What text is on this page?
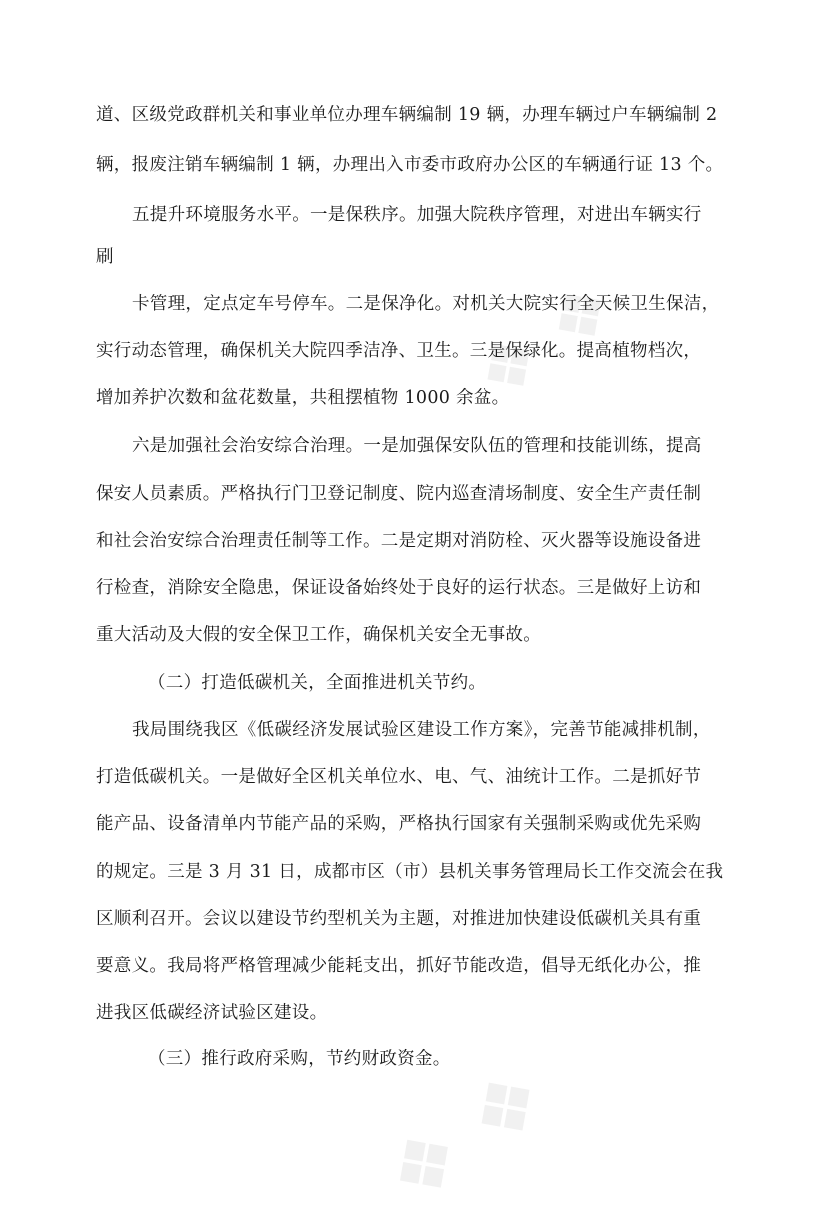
❖ ❖
❖ ❖

道、区级党政群机关和事业单位办理车辆编制 19 辆，办理车辆过户车辆编制 2

辆，报废注销车辆编制 1 辆，办理出入市委市政府办公区的车辆通行证 13 个。

五提升环境服务水平。一是保秩序。加强大院秩序管理，对进出车辆实行

刷

卡管理，定点定车号停车。二是保净化。对机关大院实行全天候卫生保洁，

实行动态管理，确保机关大院四季洁净、卫生。三是保绿化。提高植物档次，

增加养护次数和盆花数量，共租摆植物 1000 余盆。

六是加强社会治安综合治理。一是加强保安队伍的管理和技能训练，提高

保安人员素质。严格执行门卫登记制度、院内巡查清场制度、安全生产责任制

和社会治安综合治理责任制等工作。二是定期对消防栓、灭火器等设施设备进

行检查，消除安全隐患，保证设备始终处于良好的运行状态。三是做好上访和

重大活动及大假的安全保卫工作，确保机关安全无事故。

（二）打造低碳机关，全面推进机关节约。

我局围绕我区《低碳经济发展试验区建设工作方案》，完善节能减排机制，

打造低碳机关。一是做好全区机关单位水、电、气、油统计工作。二是抓好节

能产品、设备清单内节能产品的采购，严格执行国家有关强制采购或优先采购

的规定。三是 3 月 31 日，成都市区（市）县机关事务管理局长工作交流会在我

区顺利召开。会议以建设节约型机关为主题，对推进加快建设低碳机关具有重

要意义。我局将严格管理减少能耗支出，抓好节能改造，倡导无纸化办公，推

进我区低碳经济试验区建设。

（三）推行政府采购，节约财政资金。
